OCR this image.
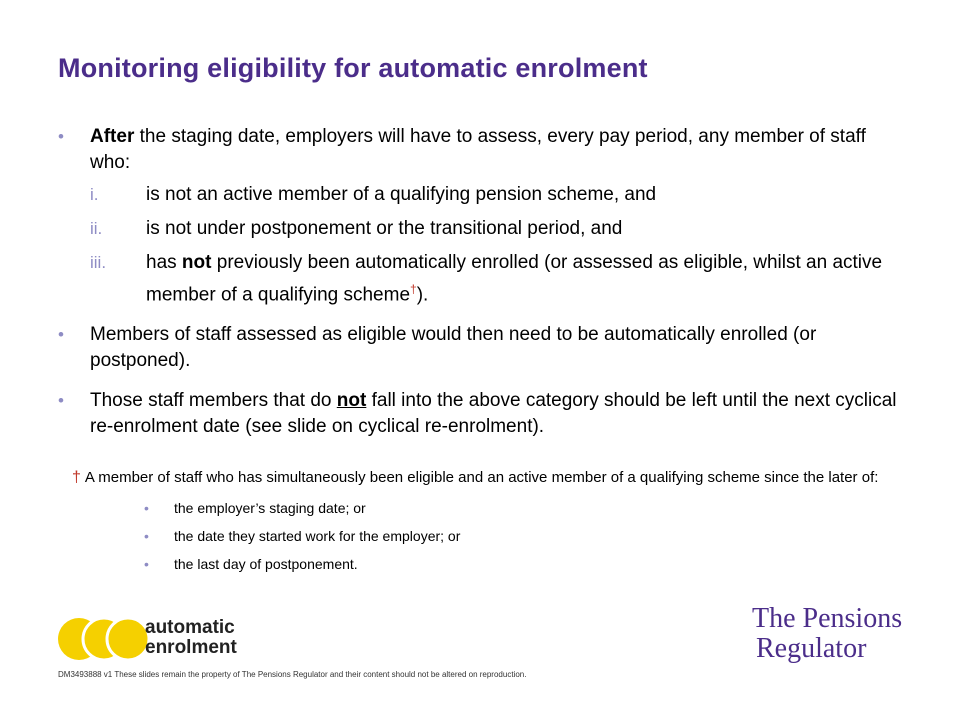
Monitoring eligibility for automatic enrolment
• After the staging date, employers will have to assess, every pay period, any member of staff who:
i.	is not an active member of a qualifying pension scheme, and
ii. is not under postponement or the transitional period, and
iii. has not previously been automatically enrolled (or assessed as eligible, whilst an active member of a qualifying scheme†).
• Members of staff assessed as eligible would then need to be automatically enrolled (or postponed).
• Those staff members that do not fall into the above category should be left until the next cyclical re-enrolment date (see slide on cyclical re-enrolment).
† A member of staff who has simultaneously been eligible and an active member of a qualifying scheme since the later of:
• the employer’s staging date; or
• the date they started work for the employer; or
• the last day of postponement.
automatic
enrolment
The Pensions
Regulator
DM3493888 v1 These slides remain the property of The Pensions Regulator and their content should not be altered on reproduction.
